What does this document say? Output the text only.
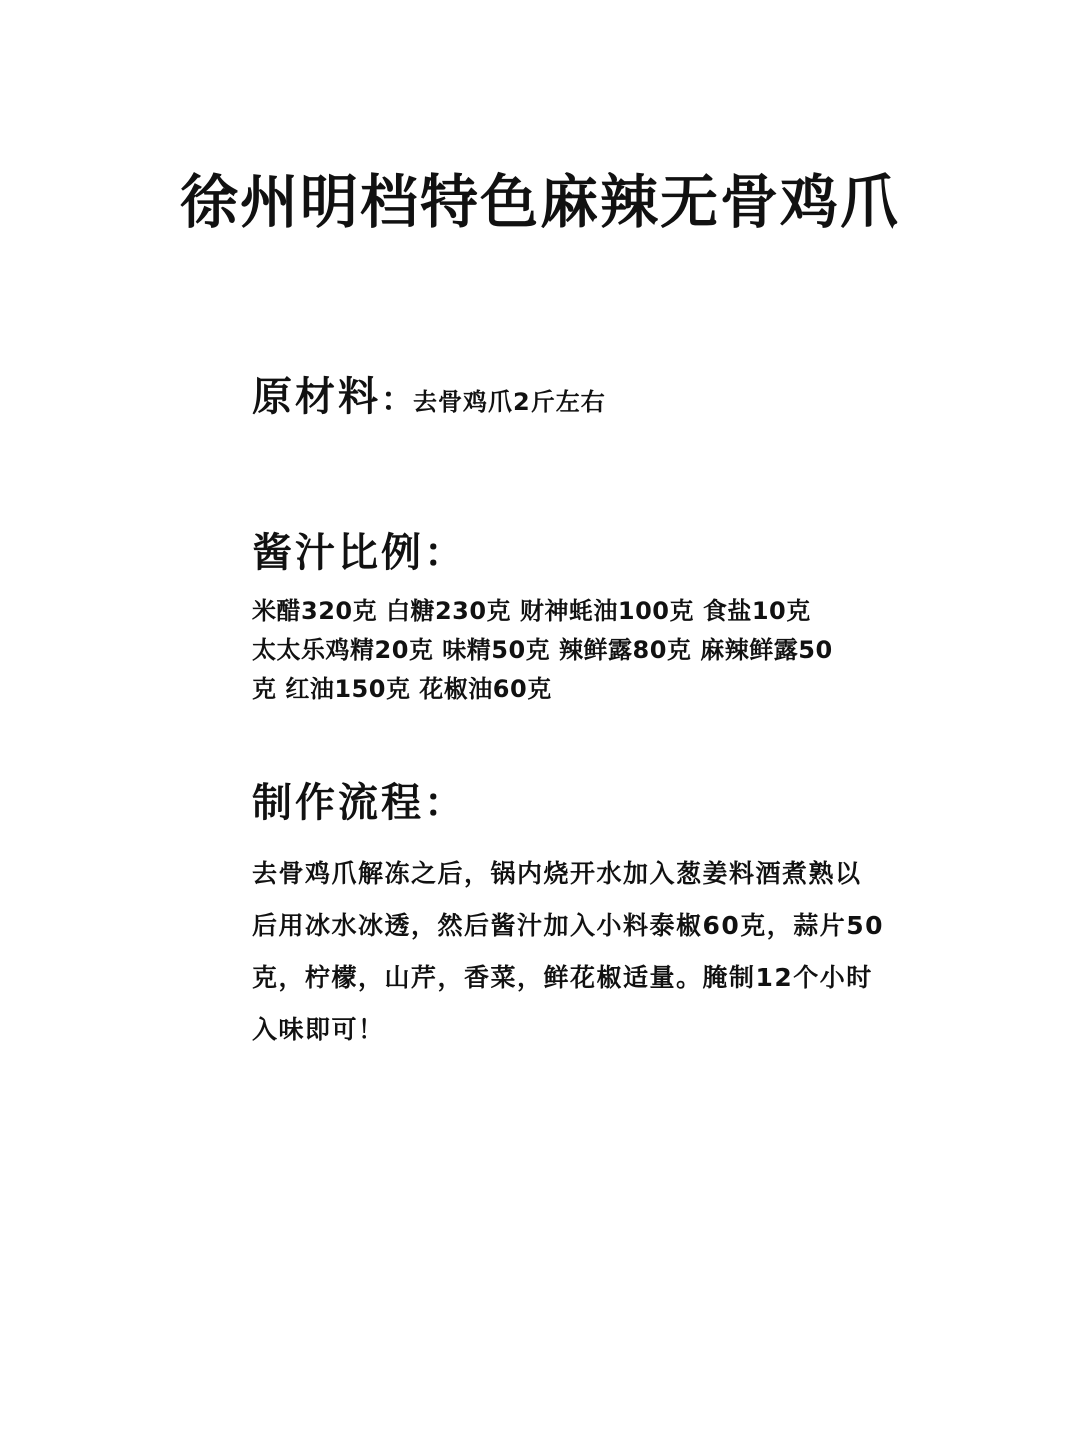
徐州明档特色麻辣无骨鸡爪
原材料：去骨鸡爪2斤左右
酱汁比例：

米醋320克 白糖230克 财神蚝油100克 食盐10克 太太乐鸡精20克 味精50克 辣鲜露80克 麻辣鲜露50克 红油150克 花椒油60克

制作流程：

去骨鸡爪解冻之后，锅内烧开水加入葱姜料酒煮熟以后用冰水冰透，然后酱汁加入小料泰椒60克，蒜片50克，柠檬，山芹，香菜，鲜花椒适量。腌制12个小时入味即可！
